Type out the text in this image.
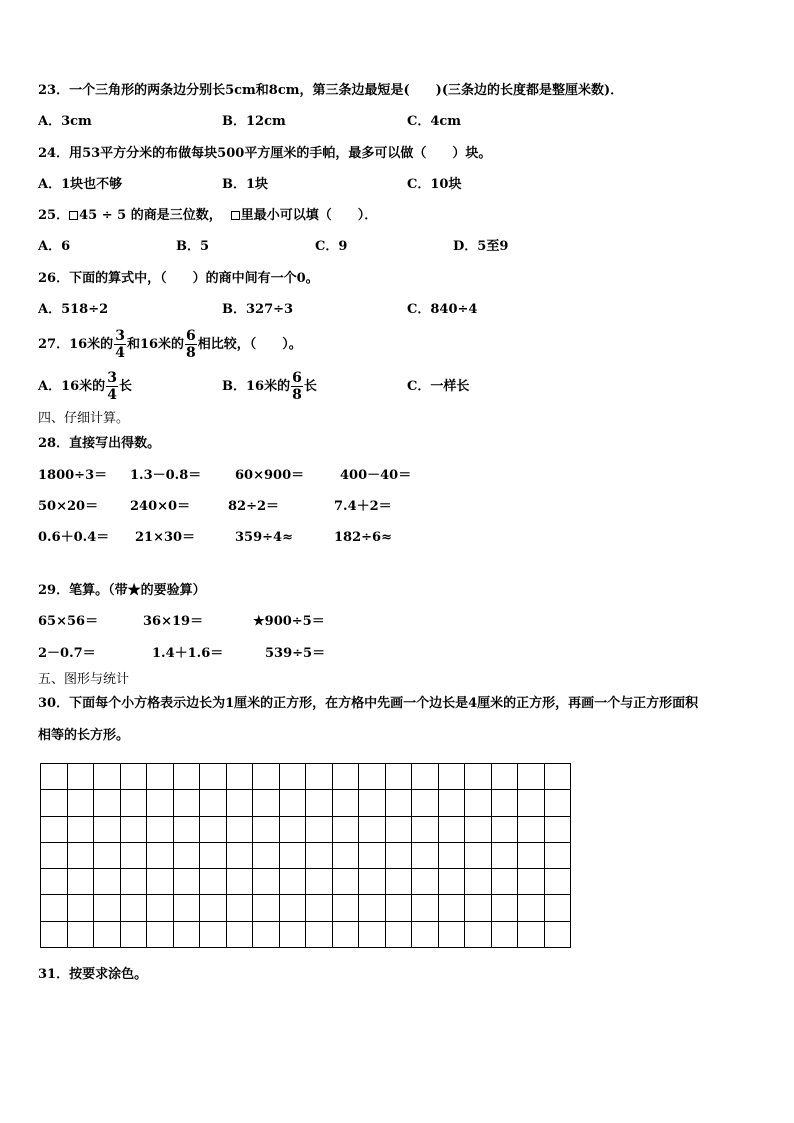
23．一个三角形的两条边分别长5cm和8cm，第三条边最短是(　　)(三条边的长度都是整厘米数)．
A．3cm	B．12cm	C．4cm
24．用53平方分米的布做每块500平方厘米的手帕，最多可以做（　　）块。
A．1块也不够	B．1块	C．10块
25． 45 ÷ 5 的商是三位数， 里最小可以填（　　）．
A．6	B．5	C．9	D．5至9
26．下面的算式中，（　　）的商中间有一个0。
A．518÷2	B．327÷3	C．840÷4
27．16米的 $\frac{3}{4}$ 和16米的 $\frac{6}{8}$ 相比较，（　　）。
A．16米的 $\frac{3}{4}$ 长	B．16米的 $\frac{6}{8}$ 长	C．一样长
四、仔细计算。
28．直接写出得数。
1800÷3＝ 1.3－0.8＝	60×900＝	400－40＝
50×20＝ 240×0＝	82÷2＝	7.4＋2＝
0.6＋0.4＝ 21×30＝	359÷4≈	182÷6≈
29．笔算。（带★的要验算）
65×56＝	36×19＝	★900÷5＝
2－0.7＝	1.4＋1.6＝	539÷5＝
五、图形与统计
30．下面每个小方格表示边长为1厘米的正方形，在方格中先画一个边长是4厘米的正方形，再画一个与正方形面积
相等的长方形。
31．按要求涂色。
